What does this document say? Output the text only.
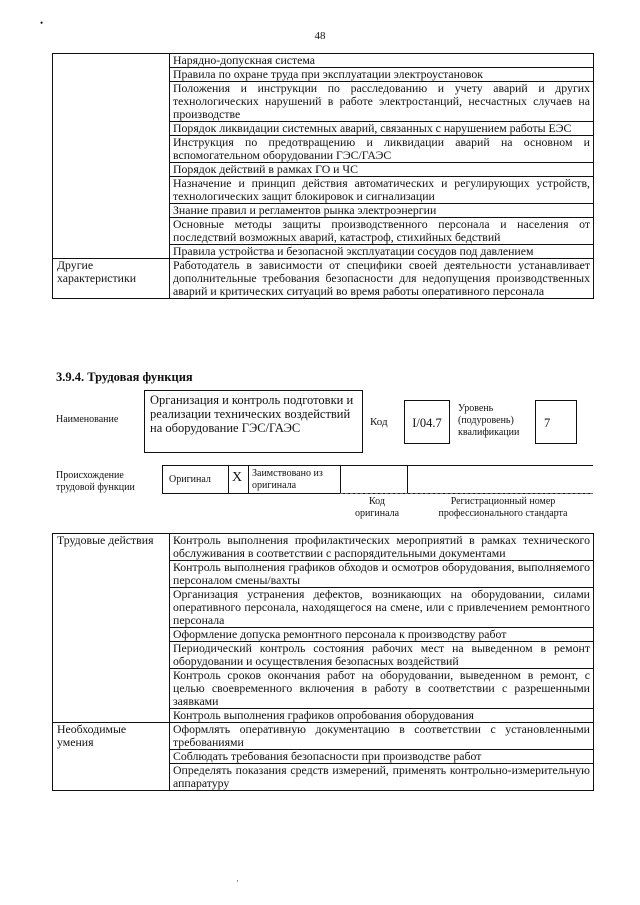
•
48
	Нарядно-допускная система
	Правила по охране труда при эксплуатации электроустановок
	Положения и инструкции по расследованию и учету аварий и других технологических нарушений в работе электростанций, несчастных случаев на производстве
	Порядок ликвидации системных аварий, связанных с нарушением работы ЕЭС
	Инструкция по предотвращению и ликвидации аварий на основном и вспомогательном оборудовании ГЭС/ГАЭС
	Порядок действий в рамках ГО и ЧС
	Назначение и принцип действия автоматических и регулирующих устройств, технологических защит блокировок и сигнализации
	Знание правил и регламентов рынка электроэнергии
	Основные методы защиты производственного персонала и населения от последствий возможных аварий, катастроф, стихийных бедствий
	Правила устройства и безопасной эксплуатации сосудов под давлением
Другие характеристики	Работодатель в зависимости от специфики своей деятельности устанавливает дополнительные требования безопасности для недопущения производственных аварий и критических ситуаций во время работы оперативного персонала
3.9.4. Трудовая функция
Наименование
Организация и контроль подготовки и реализации технических воздействий на оборудование ГЭС/ГАЭС	Код	I/04.7
Уровень (подуровень) квалификации
7
Происхождение трудовой функции
Оригинал X Заимствовано из оригинала
Код оригинала
Регистрационный номер профессионального стандарта
Трудовые действия	Контроль выполнения профилактических мероприятий в рамках технического обслуживания в соответствии с распорядительными документами
	Контроль выполнения графиков обходов и осмотров оборудования, выполняемого персоналом смены/вахты
	Организация устранения дефектов, возникающих на оборудовании, силами оперативного персонала, находящегося на смене, или с привлечением ремонтного персонала
	Оформление допуска ремонтного персонала к производству работ
	Периодический контроль состояния рабочих мест на выведенном в ремонт оборудовании и осуществления безопасных воздействий
	Контроль сроков окончания работ на оборудовании, выведенном в ремонт, с целью своевременного включения в работу в соответствии с разрешенными заявками
	Контроль выполнения графиков опробования оборудования
Необходимые умения	Оформлять оперативную документацию в соответствии с установленными требованиями
	Соблюдать требования безопасности при производстве работ
	Определять показания средств измерений, применять контрольно-измерительную аппаратуру
·
